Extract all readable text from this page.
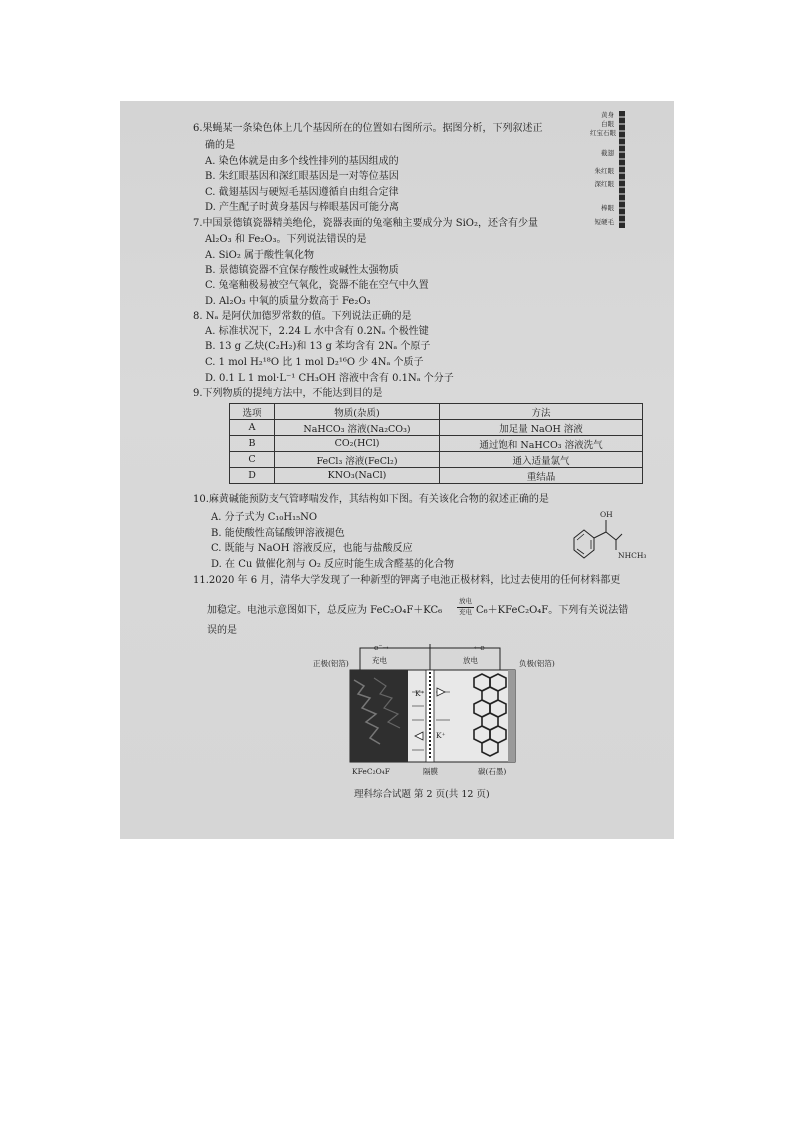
6.果蝇某一条染色体上几个基因所在的位置如右图所示。据图分析，下列叙述正
确的是
A. 染色体就是由多个线性排列的基因组成的
B. 朱红眼基因和深红眼基因是一对等位基因
C. 截翅基因与硬短毛基因遵循自由组合定律
D. 产生配子时黄身基因与棒眼基因可能分离
黄身
白眼
红宝石眼
截翅
朱红眼
深红眼
棒眼
短硬毛
7.中国景德镇瓷器精美绝伦，瓷器表面的兔毫釉主要成分为 SiO₂，还含有少量
Al₂O₃ 和 Fe₂O₃。下列说法错误的是
A. SiO₂ 属于酸性氧化物
B. 景德镇瓷器不宜保存酸性或碱性太强物质
C. 兔毫釉极易被空气氧化，瓷器不能在空气中久置
D. Al₂O₃ 中氧的质量分数高于 Fe₂O₃
8. Nₐ 是阿伏加德罗常数的值。下列说法正确的是
A. 标准状况下，2.24 L 水中含有 0.2Nₐ 个极性键
B. 13 g 乙炔(C₂H₂)和 13 g 苯均含有 2Nₐ 个原子
C. 1 mol H₂¹⁸O 比 1 mol D₂¹⁶O 少 4Nₐ 个质子
D. 0.1 L 1 mol·L⁻¹ CH₃OH 溶液中含有 0.1Nₐ 个分子
9.下列物质的提纯方法中，不能达到目的是
选项	物质(杂质)	方法
A	NaHCO₃ 溶液(Na₂CO₃)	加足量 NaOH 溶液
B	CO₂(HCl)	通过饱和 NaHCO₃ 溶液洗气
C	FeCl₃ 溶液(FeCl₂)	通入适量氯气
D	KNO₃(NaCl)	重结晶
10.麻黄碱能预防支气管哮喘发作，其结构如下图。有关该化合物的叙述正确的是
A. 分子式为 C₁₀H₁₅NO
B. 能使酸性高锰酸钾溶液褪色
C. 既能与 NaOH 溶液反应，也能与盐酸反应
D. 在 Cu 做催化剂与 O₂ 反应时能生成含醛基的化合物
OH
NHCH₃
11.2020 年 6 月，清华大学发现了一种新型的钾离子电池正极材料，比过去使用的任何材料都更
加稳定。电池示意图如下，总反应为 FeC₂O₄F＋KC₆
放电
充电 C₆＋KFeC₂O₄F。下列有关说法错
误的是
正极(铝箔)	负极(铝箔)
充电	放电
e⁻→	←e
K⁺
K⁺
KFeC₂O₄F	隔膜	碳(石墨)
理科综合试题 第 2 页(共 12 页)
